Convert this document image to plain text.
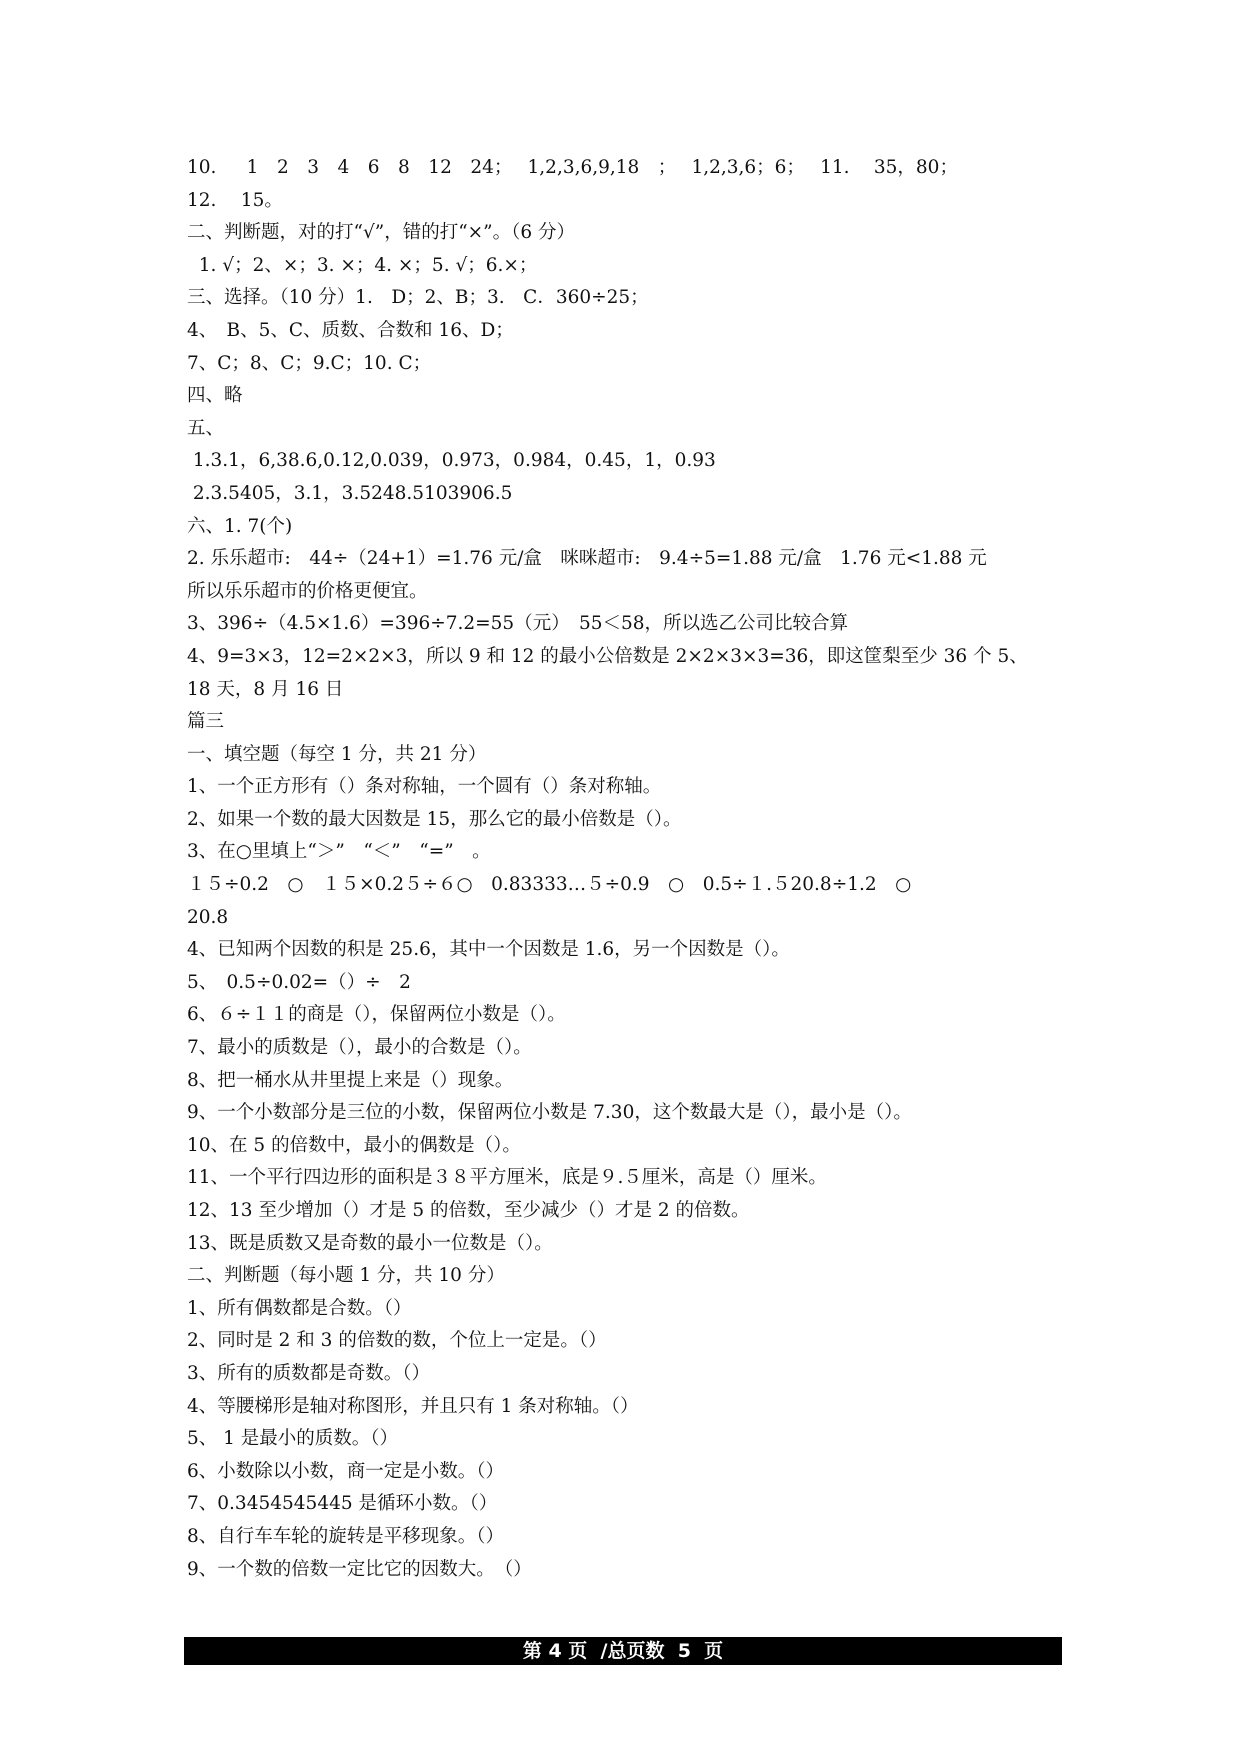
10.　  1　2　3　4　6　8　12　24；　 1,2,3,6,9,18　；　 1,2,3,6；6；　 11.　 35，80；
12.　 15。
二、判断题，对的打“√”，错的打“×”。（6 分）
1. √；2、×；3. ×；4. ×；5. √；6.×；
三、选择。（10 分）1.　D；2、B；3.　C．360÷25；
4、　B、5、C、质数、合数和 16、D；
7、C；8、C；9.C；10. C；
四、略
五、
1.3.1，6,38.6,0.12,0.039，0.973，0.984，0.45，1，0.93
2.3.5405，3.1，3.5248.5103906.5
六、1. 7(个)
2. 乐乐超市:　44÷（24+1）=1.76 元/盒　咪咪超市:　9.4÷5=1.88 元/盒　1.76 元<1.88 元
所以乐乐超市的价格更便宜。
3、396÷（4.5×1.6）=396÷7.2=55（元）　55＜58，所以选乙公司比较合算
4、9=3×3，12=2×2×3，所以 9 和 12 的最小公倍数是 2×2×3×3=36，即这筐梨至少 36 个 5、
18 天，8 月 16 日
篇三
一、填空题（每空 1 分，共 21 分）
1、一个正方形有（）条对称轴，一个圆有（）条对称轴。
2、如果一个数的最大因数是 15，那么它的最小倍数是（）。
3、在○里填上“＞”　“＜”　“=”　。
１５÷0.2　○　１５×0.2５÷６○　0.83333…５÷0.9　○　0.5÷１.５20.8÷1.2　○
20.8
4、已知两个因数的积是 25.6，其中一个因数是 1.6，另一个因数是（）。
5、　0.5÷0.02=（）÷　2
6、６÷１１的商是（），保留两位小数是（）。
7、最小的质数是（），最小的合数是（）。
8、把一桶水从井里提上来是（）现象。
9、一个小数部分是三位的小数，保留两位小数是 7.30，这个数最大是（），最小是（）。
10、在 5 的倍数中，最小的偶数是（）。
11、一个平行四边形的面积是３８平方厘米，底是９.５厘米，高是（）厘米。
12、13 至少增加（）才是 5 的倍数，至少减少（）才是 2 的倍数。
13、既是质数又是奇数的最小一位数是（）。
二、判断题（每小题 1 分，共 10 分）
1、所有偶数都是合数。（）
2、同时是 2 和 3 的倍数的数，个位上一定是。（）
3、所有的质数都是奇数。（）
4、等腰梯形是轴对称图形，并且只有 1 条对称轴。（）
5、 1 是最小的质数。（）
6、小数除以小数，商一定是小数。（）
7、0.3454545445 是循环小数。（）
8、自行车车轮的旋转是平移现象。（）
9、一个数的倍数一定比它的因数大。　（）
第 4 页  /总页数  5  页
